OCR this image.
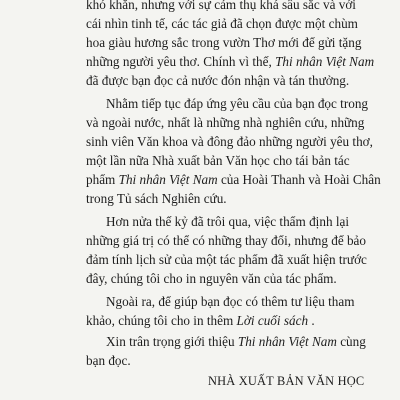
khó khăn, nhưng với sự cảm thụ khá sâu sắc và với
cái nhìn tinh tế, các tác giả đã chọn được một chùm
hoa giàu hương sắc trong vườn Thơ mới để gửi tặng
những người yêu thơ. Chính vì thế, Thi nhân Việt Nam
đã được bạn đọc cả nước đón nhận và tán thưởng.
Nhằm tiếp tục đáp ứng yêu cầu của bạn đọc trong
và ngoài nước, nhất là những nhà nghiên cứu, những
sinh viên Văn khoa và đông đảo những người yêu thơ,
một lần nữa Nhà xuất bản Văn học cho tái bản tác
phẩm Thi nhân Việt Nam của Hoài Thanh và Hoài Chân
trong Tủ sách Nghiên cứu.
Hơn nửa thế kỷ đã trôi qua, việc thẩm định lại
những giá trị có thể có những thay đổi, nhưng để bảo
đảm tính lịch sử của một tác phẩm đã xuất hiện trước
đây, chúng tôi cho in nguyên văn của tác phẩm.
Ngoài ra, để giúp bạn đọc có thêm tư liệu tham
khảo, chúng tôi cho in thêm Lời cuối sách .
Xin trân trọng giới thiệu Thi nhân Việt Nam cùng
bạn đọc.
NHÀ XUẤT BẢN VĂN HỌC
